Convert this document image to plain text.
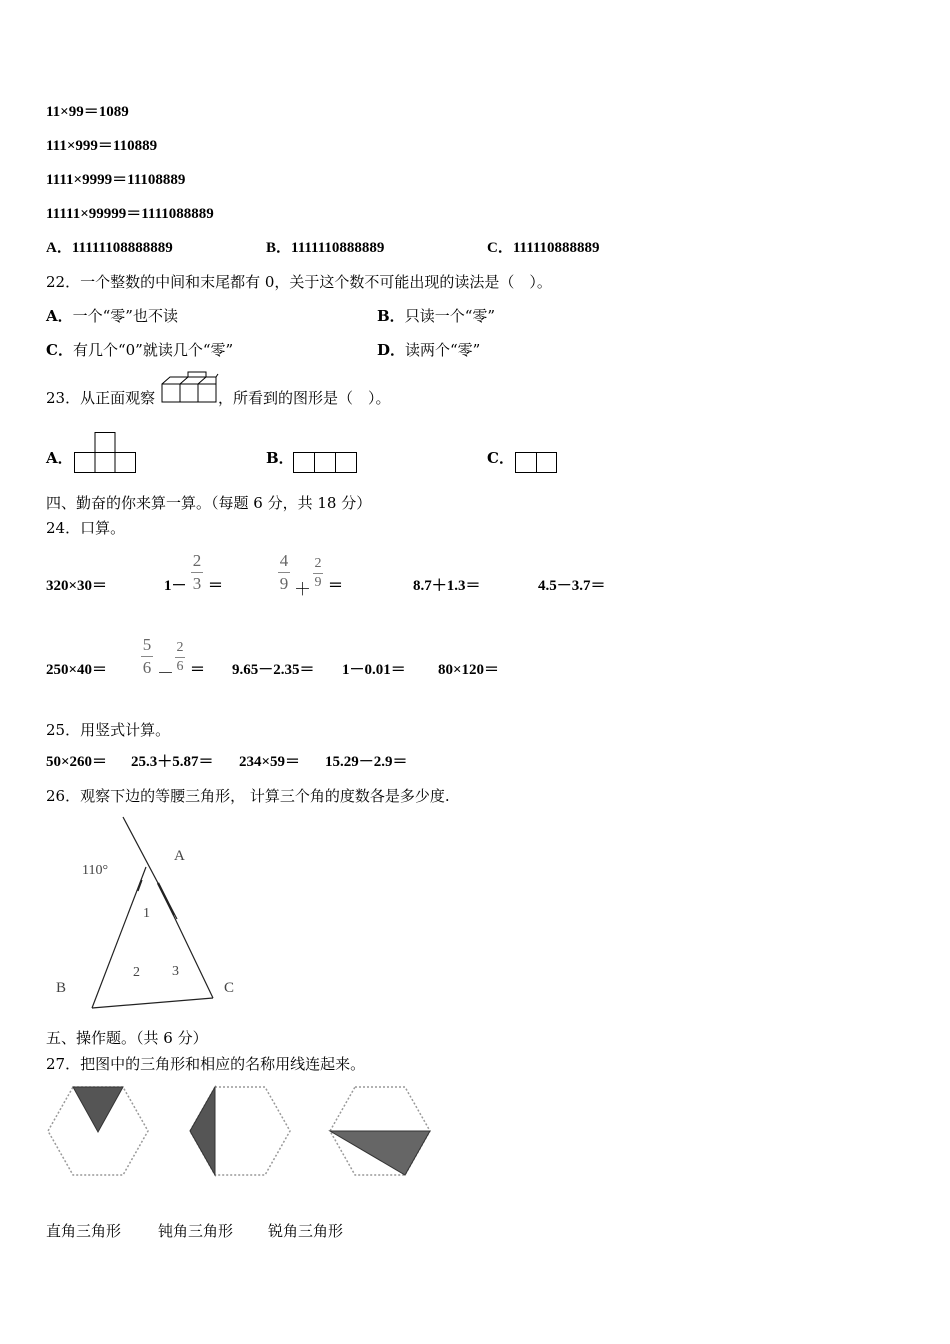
11×99＝1089
111×999＝110889
1111×9999＝11108889
11111×99999＝1111088889
A．11111108888889	B．1111110888889	C．111110888889
22．一个整数的中间和末尾都有 0，关于这个数不可能出现的读法是（　）。
A．一个“零”也不读	B．只读一个“零”
C．有几个“0”就读几个“零”	D．读两个“零”
23．从正面观察	，所看到的图形是（　）。
A．	B．	C．
四、勤奋的你来算一算。（每题 6 分，共 18 分）
24．口算。
320×30＝	1－
2
3 ＝
4
9 ＋
2
9 ＝	8.7＋1.3＝	4.5－3.7＝
250×40＝
5
6 －
2
6 ＝ 9.65－2.35＝ 1－0.01＝ 80×120＝
25．用竖式计算。
50×260＝ 25.3＋5.87＝ 234×59＝ 15.29－2.9＝
26．观察下边的等腰三角形， 计算三个角的度数各是多少度.
110°
A
B	C
1
2 3
五、操作题。（共 6 分）
27．把图中的三角形和相应的名称用线连起来。
直角三角形 钝角三角形 锐角三角形
